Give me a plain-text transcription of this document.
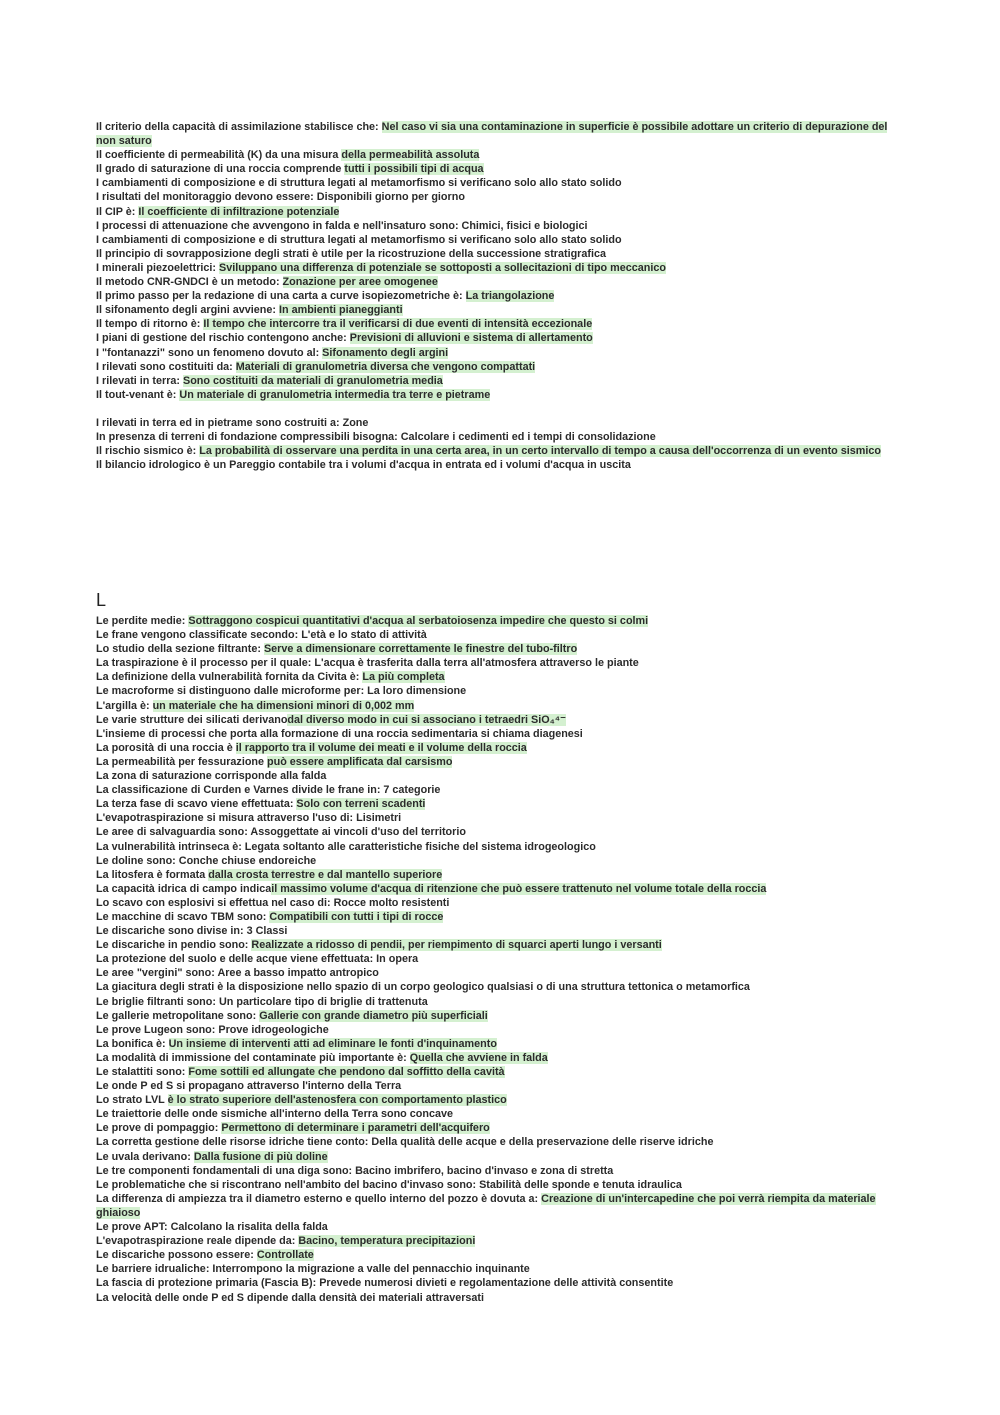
Il criterio della capacità di assimilazione stabilisce che: Nel caso vi sia una contaminazione in superficie è possibile adottare un criterio di depurazione del non saturo
Il coefficiente di permeabilità (K) da una misura della permeabilità assoluta
Il grado di saturazione di una roccia comprende tutti i possibili tipi di acqua
I cambiamenti di composizione e di struttura legati al metamorfismo si verificano solo allo stato solido
I risultati del monitoraggio devono essere: Disponibili giorno per giorno
Il CIP è: Il coefficiente di infiltrazione potenziale
I processi di attenuazione che avvengono in falda e nell'insaturo sono: Chimici, fisici e biologici
I cambiamenti di composizione e di struttura legati al metamorfismo si verificano solo allo stato solido
Il principio di sovrapposizione degli strati è utile per la ricostruzione della successione stratigrafica
I minerali piezoelettrici: Sviluppano una differenza di potenziale se sottoposti a sollecitazioni di tipo meccanico
Il metodo CNR-GNDCI è un metodo: Zonazione per aree omogenee
Il primo passo per la redazione di una carta a curve isopiezometriche è: La triangolazione
Il sifonamento degli argini avviene: In ambienti pianeggianti
Il tempo di ritorno è: Il tempo che intercorre tra il verificarsi di due eventi di intensità eccezionale
I piani di gestione del rischio contengono anche: Previsioni di alluvioni e sistema di allertamento
I "fontanazzi" sono un fenomeno dovuto al: Sifonamento degli argini
I rilevati sono costituiti da: Materiali di granulometria diversa che vengono compattati
I rilevati in terra: Sono costituiti da materiali di granulometria media
Il tout-venant è: Un materiale di granulometria intermedia tra terre e pietrame
I rilevati in terra ed in pietrame sono costruiti a: Zone
In presenza di terreni di fondazione compressibili bisogna: Calcolare i cedimenti ed i tempi di consolidazione
Il rischio sismico è: La probabilità di osservare una perdita in una certa area, in un certo intervallo di tempo a causa dell'occorrenza di un evento sismico
Il bilancio idrologico è un Pareggio contabile tra i volumi d'acqua in entrata ed i volumi d'acqua in uscita
L
Le perdite medie: Sottraggono cospicui quantitativi d'acqua al serbatoiosenza impedire che questo si colmi
Le frane vengono classificate secondo: L'età e lo stato di attività
Lo studio della sezione filtrante: Serve a dimensionare correttamente le finestre del tubo-filtro
La traspirazione è il processo per il quale: L'acqua è trasferita dalla terra all'atmosfera attraverso le piante
La definizione della vulnerabilità fornita da Civita è: La più completa
Le macroforme si distinguono dalle microforme per: La loro dimensione
L'argilla è: un materiale che ha dimensioni minori di 0,002 mm
Le varie strutture dei silicati derivanodal diverso modo in cui si associano i tetraedri SiO₄⁴⁻
L'insieme di processi che porta alla formazione di una roccia sedimentaria si chiama diagenesi
La porosità di una roccia è il rapporto tra il volume dei meati e il volume della roccia
La permeabilità per fessurazione può essere amplificata dal carsismo
La zona di saturazione corrisponde alla falda
La classificazione di Curden e Varnes divide le frane in: 7 categorie
La terza fase di scavo viene effettuata: Solo con terreni scadenti
L'evapotraspirazione si misura attraverso l'uso di: Lisimetri
Le aree di salvaguardia sono: Assoggettate ai vincoli d'uso del territorio
La vulnerabilità intrinseca è: Legata soltanto alle caratteristiche fisiche del sistema idrogeologico
Le doline sono: Conche chiuse endoreiche
La litosfera è formata dalla crosta terrestre e dal mantello superiore
La capacità idrica di campo indicail massimo volume d'acqua di ritenzione che può essere trattenuto nel volume totale della roccia
Lo scavo con esplosivi si effettua nel caso di: Rocce molto resistenti
Le macchine di scavo TBM sono: Compatibili con tutti i tipi di rocce
Le discariche sono divise in: 3 Classi
Le discariche in pendio sono: Realizzate a ridosso di pendii, per riempimento di squarci aperti lungo i versanti
La protezione del suolo e delle acque viene effettuata: In opera
Le aree "vergini" sono: Aree a basso impatto antropico
La giacitura degli strati è la disposizione nello spazio di un corpo geologico qualsiasi o di una struttura tettonica o metamorfica
Le briglie filtranti sono: Un particolare tipo di briglie di trattenuta
Le gallerie metropolitane sono: Gallerie con grande diametro più superficiali
Le prove Lugeon sono: Prove idrogeologiche
La bonifica è: Un insieme di interventi atti ad eliminare le fonti d'inquinamento
La modalità di immissione del contaminate più importante è: Quella che avviene in falda
Le stalattiti sono: Fome sottili ed allungate che pendono dal soffitto della cavità
Le onde P ed S si propagano attraverso l'interno della Terra
Lo strato LVL è lo strato superiore dell'astenosfera con comportamento plastico
Le traiettorie delle onde sismiche all'interno della Terra sono concave
Le prove di pompaggio: Permettono di determinare i parametri dell'acquifero
La corretta gestione delle risorse idriche tiene conto: Della qualità delle acque e della preservazione delle riserve idriche
Le uvala derivano: Dalla fusione di più doline
Le tre componenti fondamentali di una diga sono: Bacino imbrifero, bacino d'invaso e zona di stretta
Le problematiche che si riscontrano nell'ambito del bacino d'invaso sono: Stabilità delle sponde e tenuta idraulica
La differenza di ampiezza tra il diametro esterno e quello interno del pozzo è dovuta a: Creazione di un'intercapedine che poi verrà riempita da materiale ghiaioso
Le prove APT: Calcolano la risalita della falda
L'evapotraspirazione reale dipende da: Bacino, temperatura precipitazioni
Le discariche possono essere: Controllate
Le barriere idrualiche: Interrompono la migrazione a valle del pennacchio inquinante
La fascia di protezione primaria (Fascia B): Prevede numerosi divieti e regolamentazione delle attività consentite
La velocità delle onde P ed S dipende dalla densità dei materiali attraversati
